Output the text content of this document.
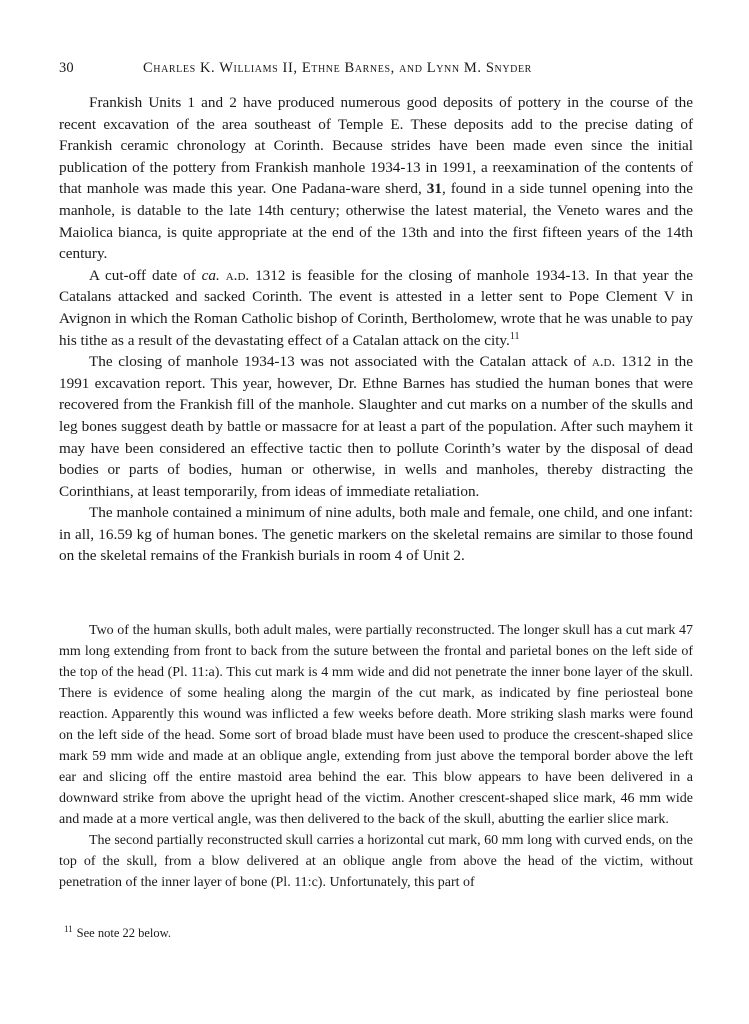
30	Charles K. Williams II, Ethne Barnes, and Lynn M. Snyder

Frankish Units 1 and 2 have produced numerous good deposits of pottery in the course of the recent excavation of the area southeast of Temple E. These deposits add to the precise dating of Frankish ceramic chronology at Corinth. Because strides have been made even since the initial publication of the pottery from Frankish manhole 1934-13 in 1991, a reexamination of the contents of that manhole was made this year. One Padana-ware sherd, 31, found in a side tunnel opening into the manhole, is datable to the late 14th century; otherwise the latest material, the Veneto wares and the Maiolica bianca, is quite appropriate at the end of the 13th and into the first fifteen years of the 14th century.

A cut-off date of ca. a.d. 1312 is feasible for the closing of manhole 1934-13. In that year the Catalans attacked and sacked Corinth. The event is attested in a letter sent to Pope Clement V in Avignon in which the Roman Catholic bishop of Corinth, Bertholomew, wrote that he was unable to pay his tithe as a result of the devastating effect of a Catalan attack on the city.$^{11}$

The closing of manhole 1934-13 was not associated with the Catalan attack of a.d. 1312 in the 1991 excavation report. This year, however, Dr. Ethne Barnes has studied the human bones that were recovered from the Frankish fill of the manhole. Slaughter and cut marks on a number of the skulls and leg bones suggest death by battle or massacre for at least a part of the population. After such mayhem it may have been considered an effective tactic then to pollute Corinth’s water by the disposal of dead bodies or parts of bodies, human or otherwise, in wells and manholes, thereby distracting the Corinthians, at least temporarily, from ideas of immediate retaliation.

The manhole contained a minimum of nine adults, both male and female, one child, and one infant: in all, 16.59 kg of human bones. The genetic markers on the skeletal remains are similar to those found on the skeletal remains of the Frankish burials in room 4 of Unit 2.

Two of the human skulls, both adult males, were partially reconstructed. The longer skull has a cut mark 47 mm long extending from front to back from the suture between the frontal and parietal bones on the left side of the top of the head (Pl. 11:a). This cut mark is 4 mm wide and did not penetrate the inner bone layer of the skull. There is evidence of some healing along the margin of the cut mark, as indicated by fine periosteal bone reaction. Apparently this wound was inflicted a few weeks before death. More striking slash marks were found on the left side of the head. Some sort of broad blade must have been used to produce the crescent-shaped slice mark 59 mm wide and made at an oblique angle, extending from just above the temporal border above the left ear and slicing off the entire mastoid area behind the ear. This blow appears to have been delivered in a downward strike from above the upright head of the victim. Another crescent-shaped slice mark, 46 mm wide and made at a more vertical angle, was then delivered to the back of the skull, abutting the earlier slice mark.

The second partially reconstructed skull carries a horizontal cut mark, 60 mm long with curved ends, on the top of the skull, from a blow delivered at an oblique angle from above the head of the victim, without penetration of the inner layer of bone (Pl. 11:c). Unfortunately, this part of

$^{11}$ See note 22 below.
